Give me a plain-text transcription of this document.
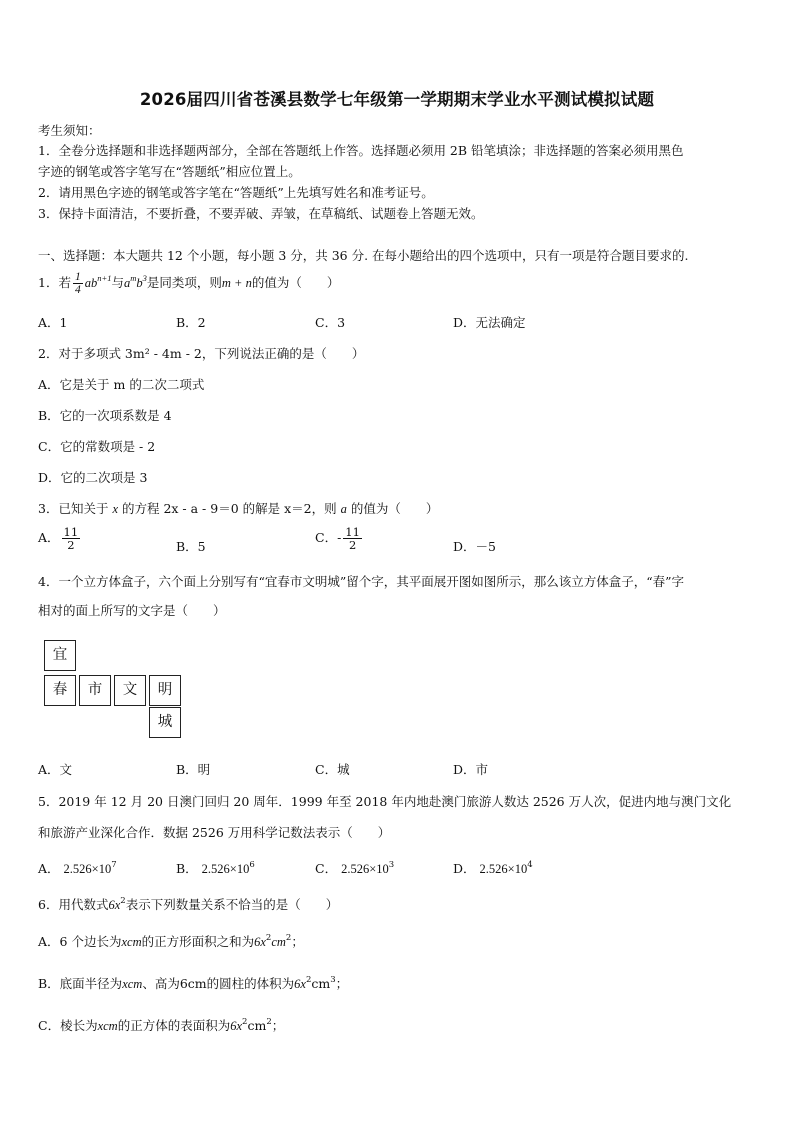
2026届四川省苍溪县数学七年级第一学期期末学业水平测试模拟试题
考生须知：
1．全卷分选择题和非选择题两部分，全部在答题纸上作答。选择题必须用 2B 铅笔填涂；非选择题的答案必须用黑色
字迹的钢笔或答字笔写在“答题纸”相应位置上。
2．请用黑色字迹的钢笔或答字笔在“答题纸”上先填写姓名和准考证号。
3．保持卡面清洁，不要折叠，不要弄破、弄皱，在草稿纸、试题卷上答题无效。
一、选择题：本大题共 12 个小题，每小题 3 分，共 36 分. 在每小题给出的四个选项中，只有一项是符合题目要求的.
1．若 $\frac{1}{4} ab^{n+1}$与$a^mb^3$是同类项，则m + n的值为（　　）
A．1	B．2	C．3	D．无法确定
2．对于多项式 3m² - 4m - 2，下列说法正确的是（　　）
A．它是关于 m 的二次二项式
B．它的一次项系数是 4
C．它的常数项是 - 2
D．它的二次项是 3
3．已知关于 x 的方程 2x - a - 9＝0 的解是 x＝2，则 a 的值为（　　）
A． $\frac{11}{2}$	B．5
C．- $\frac{11}{2}$	D．－5
4．一个立方体盒子，六个面上分别写有“宜春市文明城”留个字，其平面展开图如图所示，那么该立方体盒子，“春”字
相对的面上所写的文字是（　　）
宜
春	市	文	明
城
A．文	B．明	C．城	D．市
5．2019 年 12 月 20 日澳门回归 20 周年．1999 年至 2018 年内地赴澳门旅游人数达 2526 万人次，促进内地与澳门文化
和旅游产业深化合作．数据 2526 万用科学记数法表示（　　）
A． $2.526\times 10^7$	B． $2.526\times 10^6$	C． $2.526\times 10^3$	D． $2.526\times 10^4$
6．用代数式$6x^2$表示下列数量关系不恰当的是（　　）
A．6 个边长为xcm的正方形面积之和为$6x^2cm^2$；
B．底面半径为xcm、高为6cm的圆柱的体积为$6x^2cm^3$；
C．棱长为xcm的正方体的表面积为$6x^2cm^2$；
